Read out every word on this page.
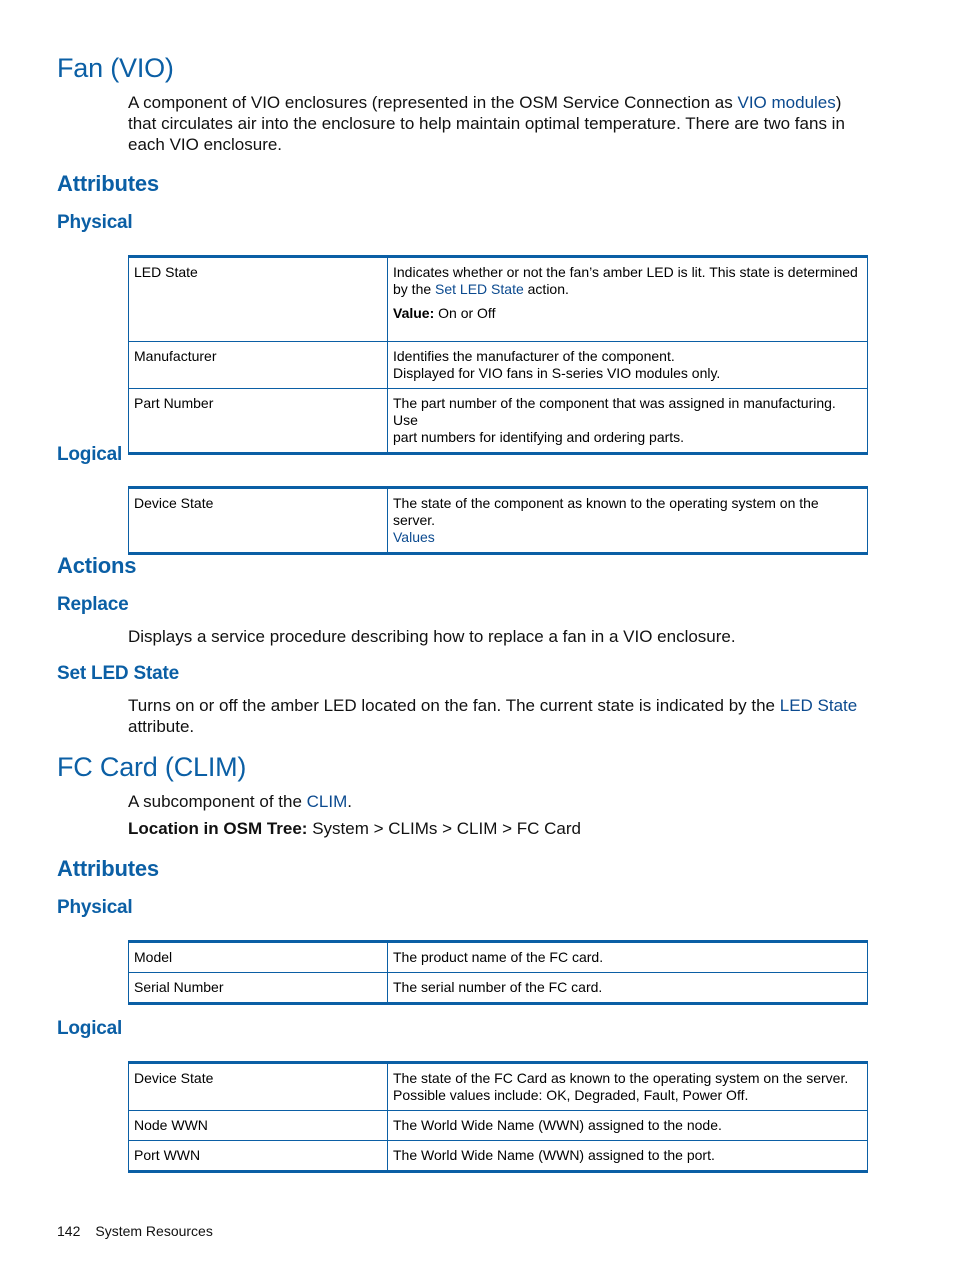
Fan (VIO)
A component of VIO enclosures (represented in the OSM Service Connection as VIO modules)
that circulates air into the enclosure to help maintain optimal temperature. There are two fans in
each VIO enclosure.
Attributes
Physical
LED State	Indicates whether or not the fan’s amber LED is lit. This state is determined
by the Set LED State action.
Value: On or Off

Manufacturer	Identifies the manufacturer of the component.
Displayed for VIO fans in S-series VIO modules only.

Part Number	The part number of the component that was assigned in manufacturing. Use
part numbers for identifying and ordering parts.
Logical
Device State	The state of the component as known to the operating system on the server.
Values
Actions
Replace
Displays a service procedure describing how to replace a fan in a VIO enclosure.
Set LED State
Turns on or off the amber LED located on the fan. The current state is indicated by the LED State
attribute.
FC Card (CLIM)
A subcomponent of the CLIM.
Location in OSM Tree: System > CLIMs > CLIM > FC Card
Attributes
Physical
Model	The product name of the FC card.
Serial Number	The serial number of the FC card.
Logical
Device State	The state of the FC Card as known to the operating system on the server.
Possible values include: OK, Degraded, Fault, Power Off.

Node WWN	The World Wide Name (WWN) assigned to the node.
Port WWN	The World Wide Name (WWN) assigned to the port.
142 System Resources
